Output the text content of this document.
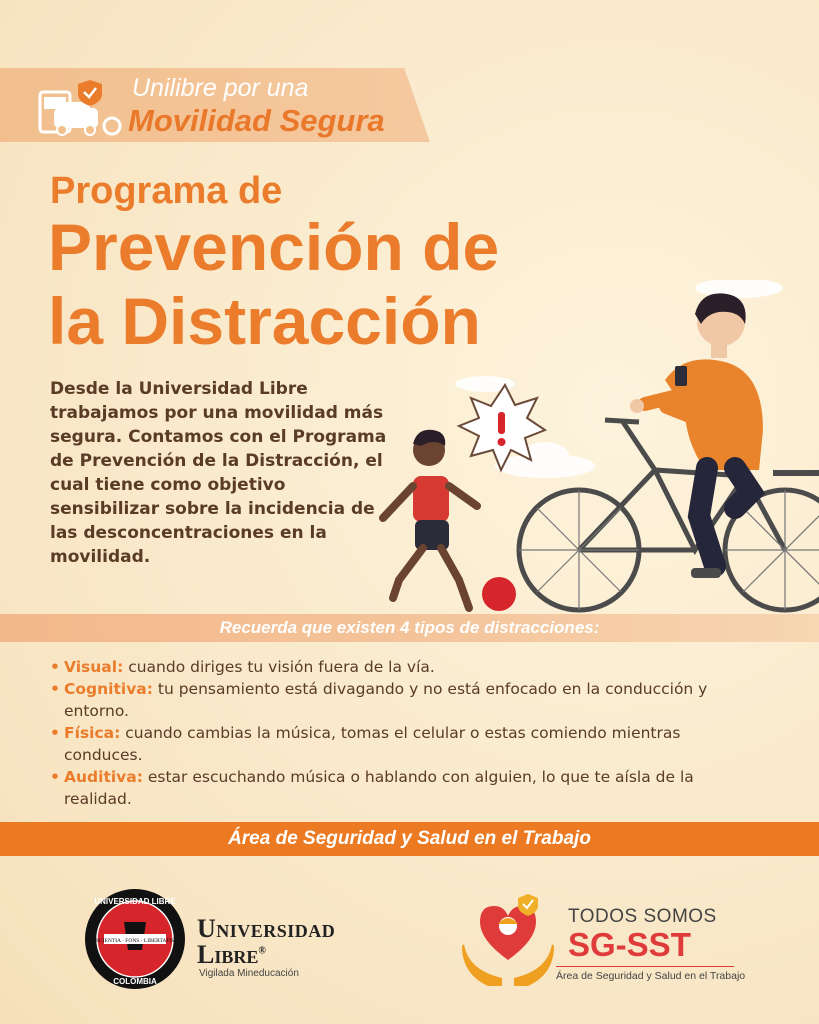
Unilibre por una
Movilidad Segura
Programa de
Prevención de
la Distracción

Desde la Universidad Libre trabajamos por una movilidad más segura. Contamos con el Programa de Prevención de la Distracción, el cual tiene como objetivo sensibilizar sobre la incidencia de las desconcentraciones en la movilidad.

Recuerda que existen 4 tipos de distracciones:
• Visual: cuando diriges tu visión fuera de la vía.
• Cognitiva: tu pensamiento está divagando y no está enfocado en la conducción y entorno.
• Física: cuando cambias la música, tomas el celular o estas comiendo mientras conduces.
• Auditiva: estar escuchando música o hablando con alguien, lo que te aísla de la realidad.
Área de Seguridad y Salud en el Trabajo
UNIVERSIDAD LIBRE
COLOMBIA
SCIENTIA · FONS · LIBERTATIS Universidad
Libre®
Vigilada Mineducación
TODOS SOMOS
SG-SST
Área de Seguridad y Salud en el Trabajo
